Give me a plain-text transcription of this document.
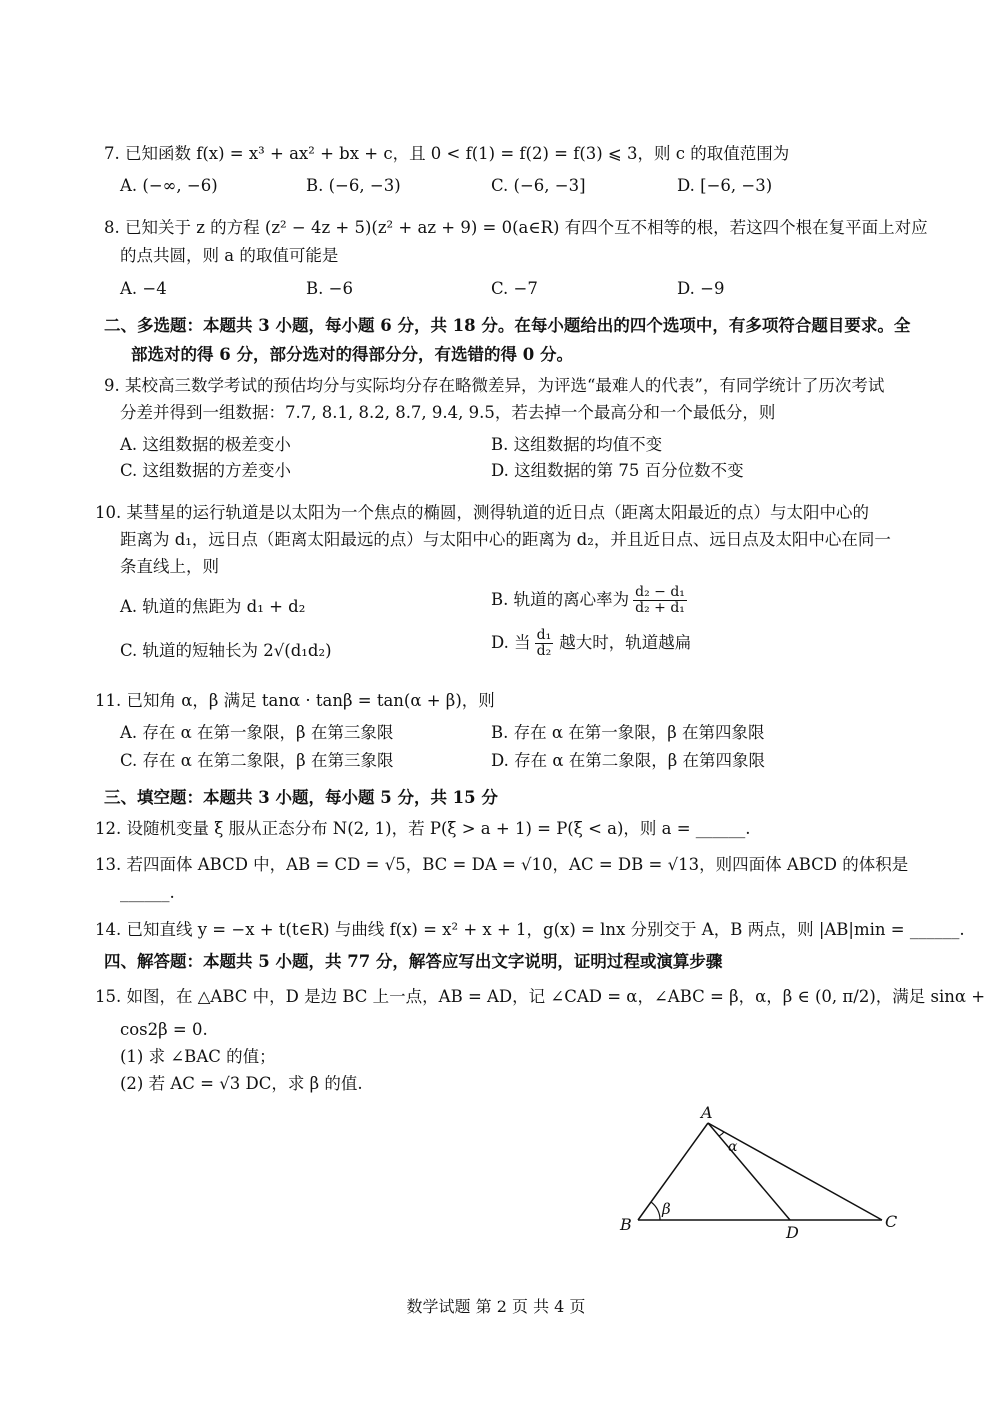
7. 已知函数 f(x) = x³ + ax² + bx + c，且 0 < f(1) = f(2) = f(3) ⩽ 3，则 c 的取值范围为
A. (−∞, −6)	B. (−6, −3)	C. (−6, −3]	D. [−6, −3)
8. 已知关于 z 的方程 (z² − 4z + 5)(z² + az + 9) = 0(a∈R) 有四个互不相等的根，若这四个根在复平面上对应
的点共圆，则 a 的取值可能是
A. −4	B. −6	C. −7	D. −9
二、多选题：本题共 3 小题，每小题 6 分，共 18 分。在每小题给出的四个选项中，有多项符合题目要求。全
部选对的得 6 分，部分选对的得部分分，有选错的得 0 分。
9. 某校高三数学考试的预估均分与实际均分存在略微差异，为评选“最难人的代表”，有同学统计了历次考试
分差并得到一组数据：7.7, 8.1, 8.2, 8.7, 9.4, 9.5，若去掉一个最高分和一个最低分，则
A. 这组数据的极差变小	B. 这组数据的均值不变
C. 这组数据的方差变小	D. 这组数据的第 75 百分位数不变
10. 某彗星的运行轨道是以太阳为一个焦点的椭圆，测得轨道的近日点（距离太阳最近的点）与太阳中心的
距离为 d₁，远日点（距离太阳最远的点）与太阳中心的距离为 d₂，并且近日点、远日点及太阳中心在同一
条直线上，则
A. 轨道的焦距为 d₁ + d₂	B. 轨道的离心率为 $\frac{\text{d₂ − d₁}}{\text{d₂ + d₁}}$
C. 轨道的短轴长为 2√(d₁d₂)	D. 当 $\frac{\text{d₁}}{\text{d₂}}$ 越大时，轨道越扁
11. 已知角 α，β 满足 tanα · tanβ = tan(α + β)，则
A. 存在 α 在第一象限，β 在第三象限	B. 存在 α 在第一象限，β 在第四象限
C. 存在 α 在第二象限，β 在第三象限	D. 存在 α 在第二象限，β 在第四象限
三、填空题：本题共 3 小题，每小题 5 分，共 15 分
12. 设随机变量 ξ 服从正态分布 N(2, 1)，若 P(ξ > a + 1) = P(ξ < a)，则 a = ______.
13. 若四面体 ABCD 中，AB = CD = √5，BC = DA = √10，AC = DB = √13，则四面体 ABCD 的体积是
______.
14. 已知直线 y = −x + t(t∈R) 与曲线 f(x) = x² + x + 1，g(x) = lnx 分别交于 A，B 两点，则 |AB|min = ______.
四、解答题：本题共 5 小题，共 77 分，解答应写出文字说明，证明过程或演算步骤
15. 如图，在 △ABC 中，D 是边 BC 上一点，AB = AD，记 ∠CAD = α，∠ABC = β，α，β ∈ (0, π/2)，满足 sinα +
cos2β = 0.
(1) 求 ∠BAC 的值；
(2) 若 AC = √3 DC，求 β 的值.
A
B	C
D
α
β
数学试题 第 2 页 共 4 页
